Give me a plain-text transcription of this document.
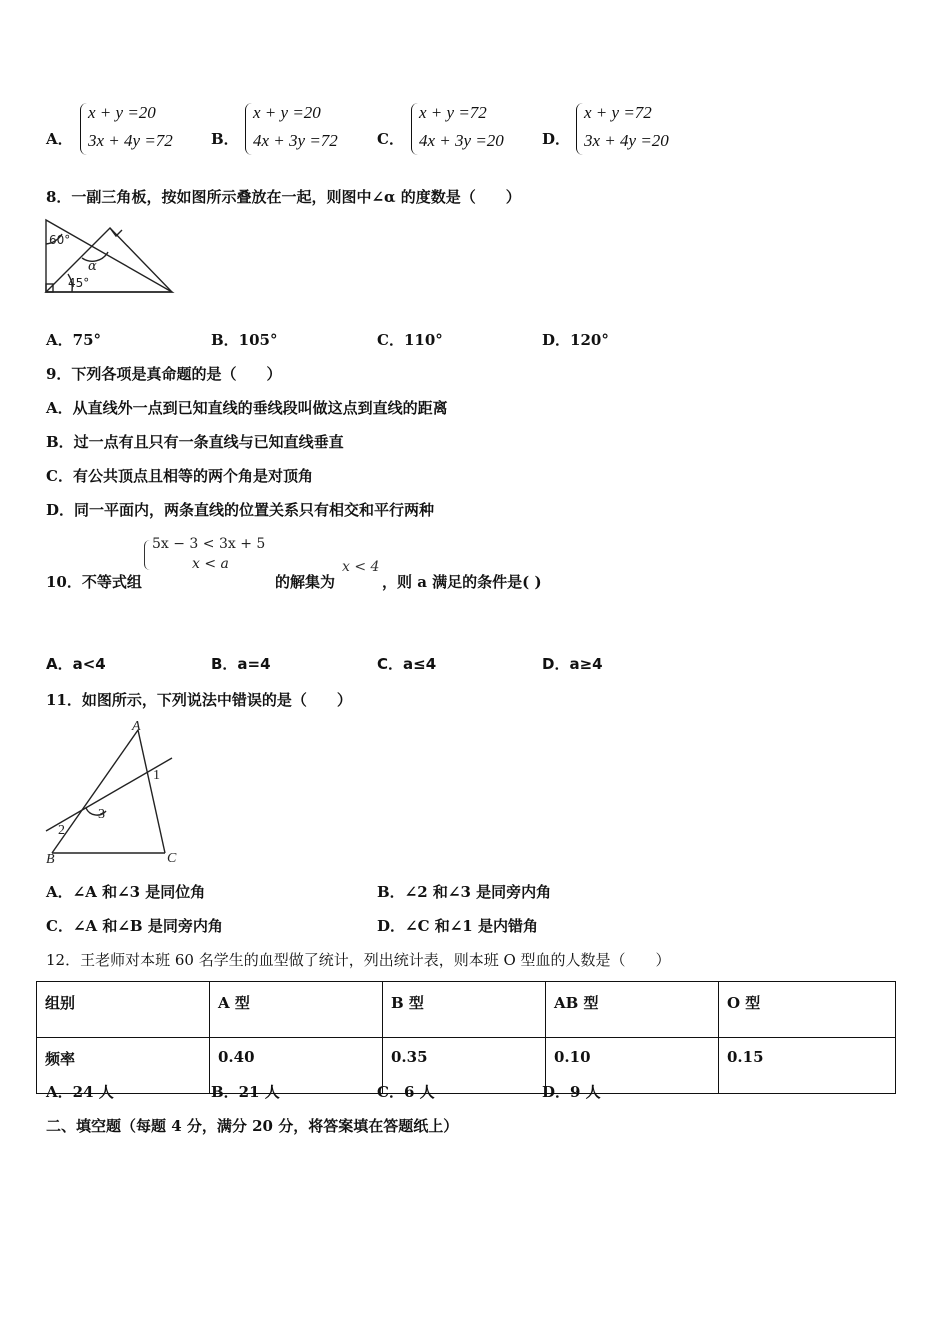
A．
x + y =20
3x + 4y =72	B．
x + y =20
4x + 3y =72	C．
x + y =72
4x + 3y =20	D．
x + y =72
3x + 4y =20
8．一副三角板，按如图所示叠放在一起，则图中∠α 的度数是（　　）
60°
45°
α
A．75°	B．105°	C．110°	D．120°
9．下列各项是真命题的是（　　）
A．从直线外一点到已知直线的垂线段叫做这点到直线的距离
B．过一点有且只有一条直线与已知直线垂直
C．有公共顶点且相等的两个角是对顶角
D．同一平面内，两条直线的位置关系只有相交和平行两种
10．不等式组
5x − 3 < 3x + 5
x < a
的解集为
x < 4
，则 a 满足的条件是( )
A．a<4	B．a=4	C．a≤4	D．a≥4
11．如图所示，下列说法中错误的是（　　）
A
B	C
1
2
3
A．∠A 和∠3 是同位角	B．∠2 和∠3 是同旁内角
C．∠A 和∠B 是同旁内角	D．∠C 和∠1 是内错角
12．王老师对本班 60 名学生的血型做了统计，列出统计表，则本班 O 型血的人数是（　　）
组别	A 型	B 型	AB 型	O 型
频率	0.40	0.35	0.10	0.15
A．24 人	B．21 人	C．6 人	D．9 人
二、填空题（每题 4 分，满分 20 分，将答案填在答题纸上）
